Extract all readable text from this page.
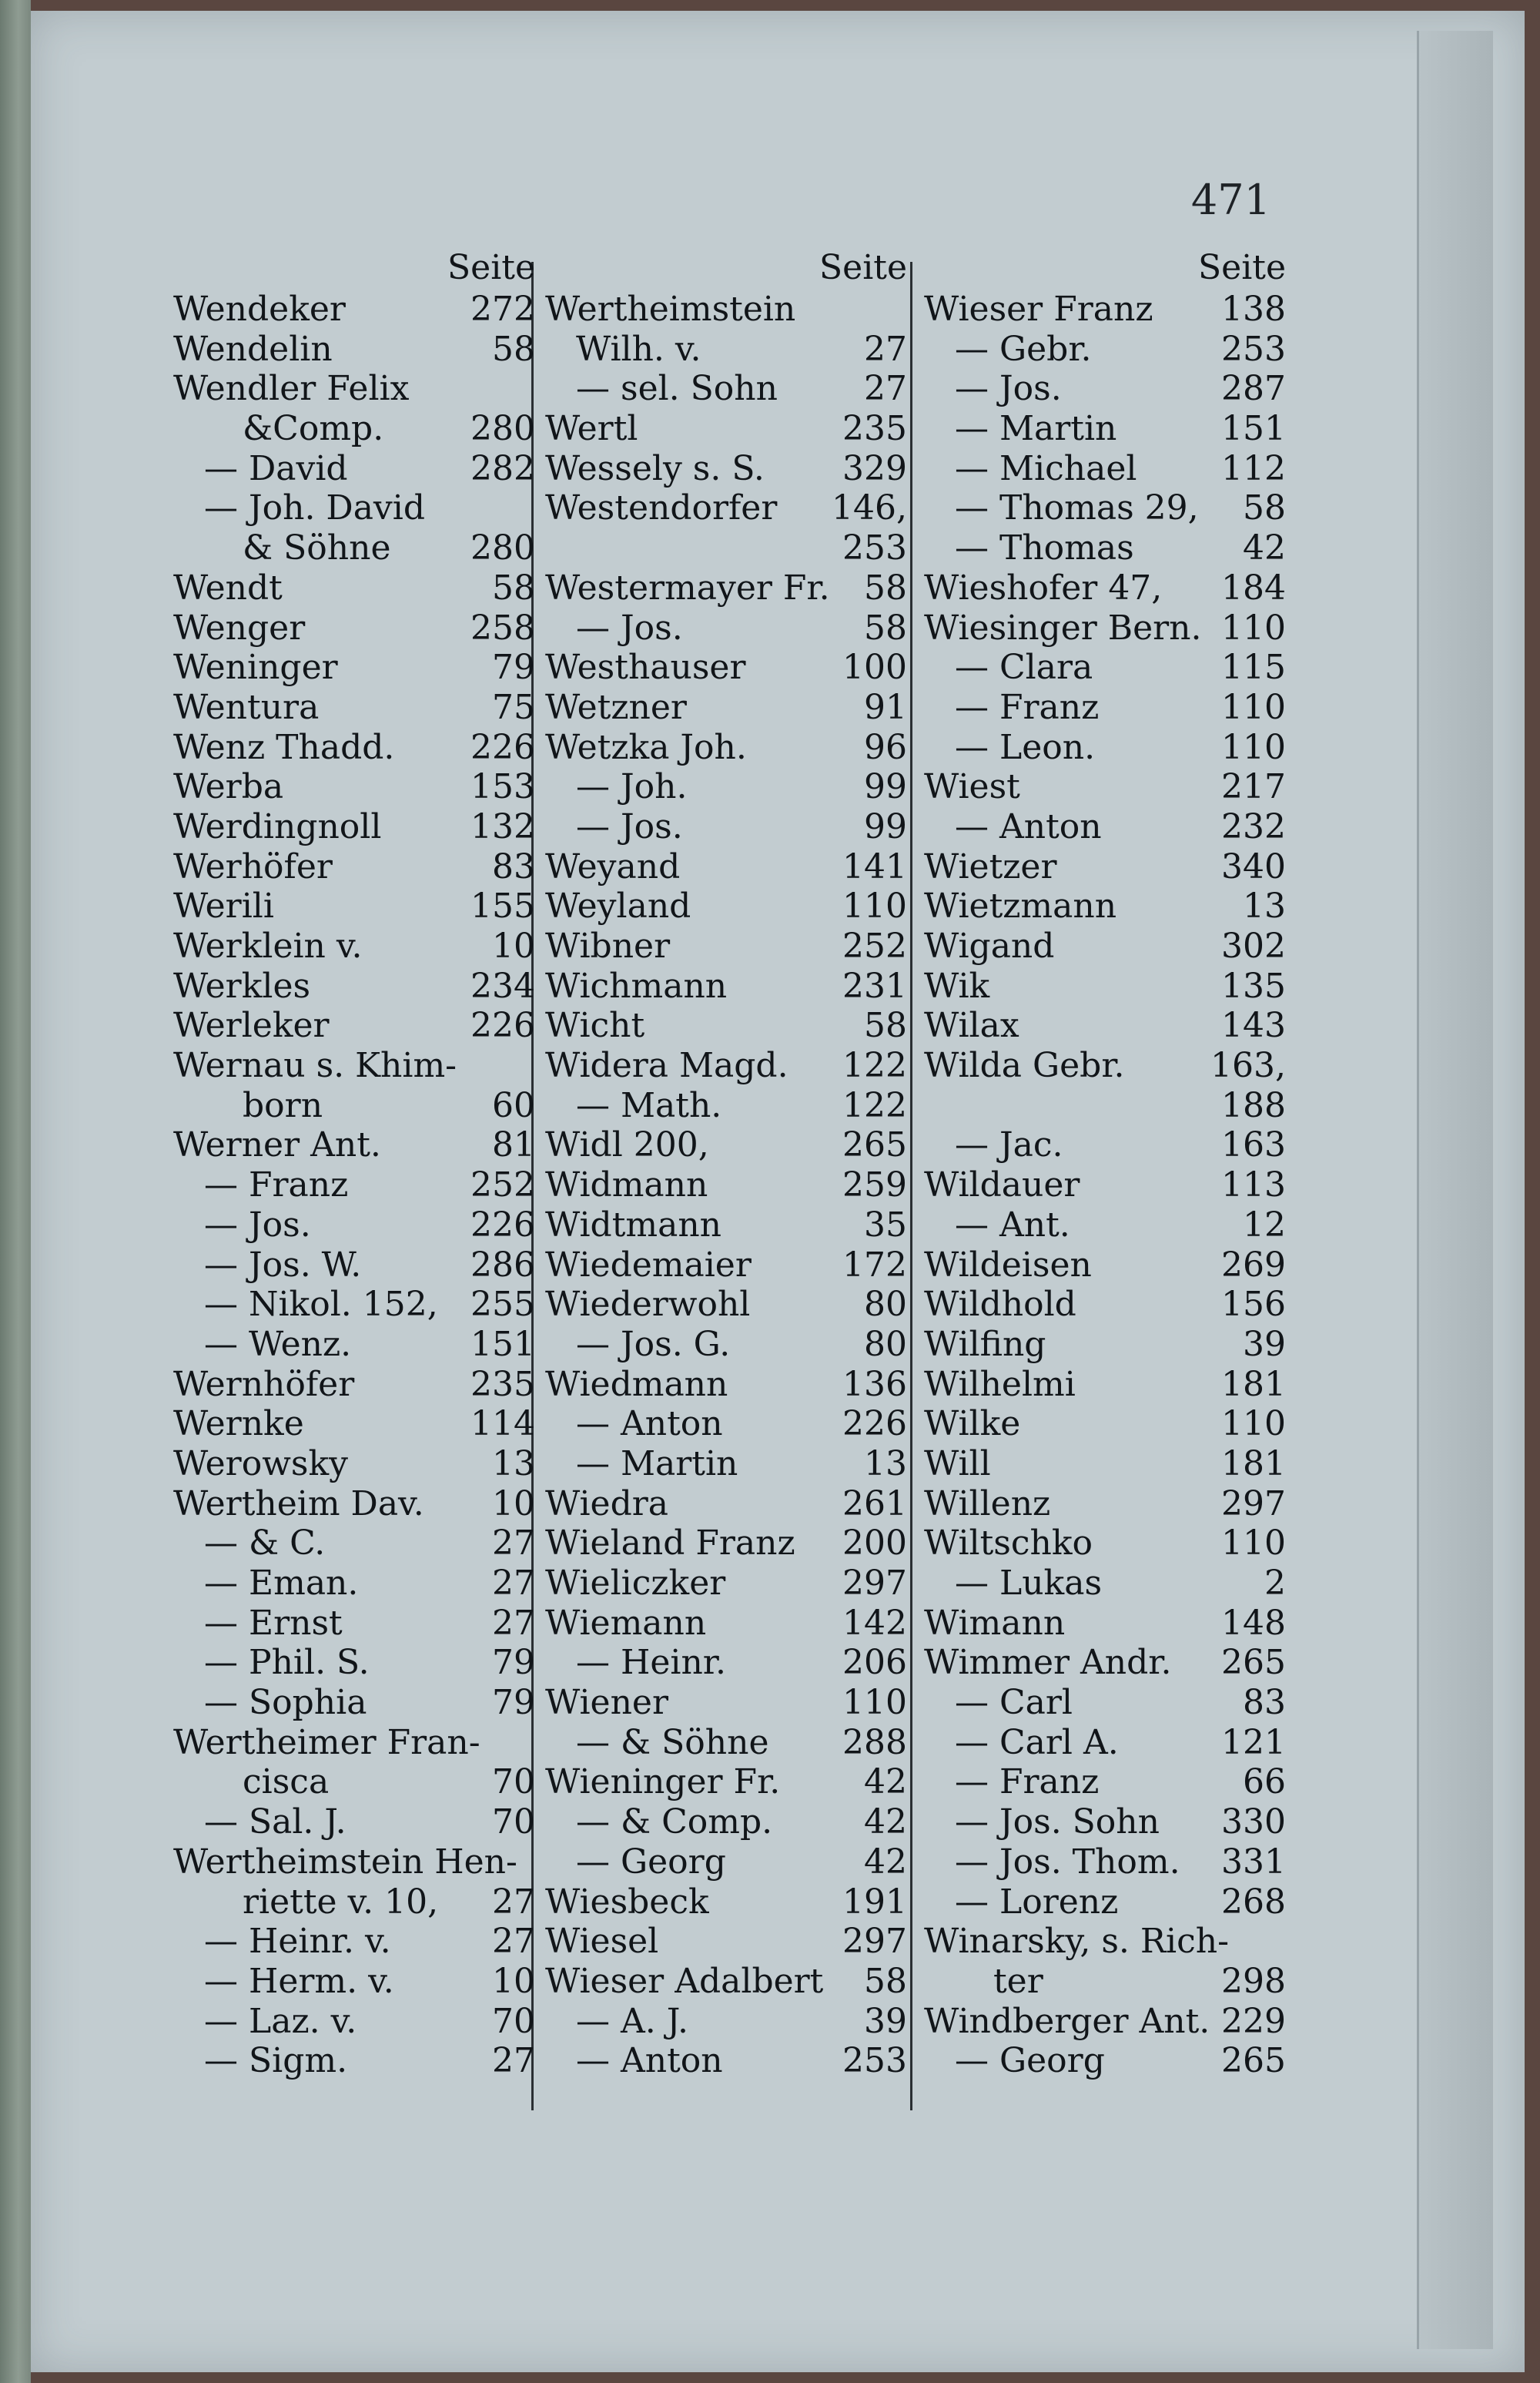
471
Seite
Wendeker	272
Wendelin	58
Wendler Felix
&Comp.	280
— David	282
— Joh. David
& Söhne 280
Wendt	58
Wenger	258
Weninger	79
Wentura	75
Wenz Thadd. 226
Werba	153
Werdingnoll	132
Werhöfer	83
Werili	155
Werklein v.	10
Werkles	234
Werleker	226
Wernau s. Khim-
born	60
Werner Ant.	81
— Franz	252
— Jos.	226
— Jos. W.	286
— Nikol. 152, 255
— Wenz.	151
Wernhöfer	235
Wernke	114
Werowsky	13
Wertheim Dav. 10
— & C.	27
— Eman.	27
— Ernst	27
— Phil. S.	79
— Sophia	79
Wertheimer Fran-
cisca	70
— Sal. J.	70
Wertheimstein Hen-
riette v. 10, 27
— Heinr. v.	27
— Herm. v.	10
— Laz. v.	70
— Sigm.	27
Seite
Wertheimstein
Wilh. v.	27
— sel. Sohn	27
Wertl	235
Wessely s. S. 329
Westendorfer 146,
253
Westermayer Fr. 58
— Jos.	58
Westhauser	100
Wetzner	91
Wetzka Joh.	96
— Joh.	99
— Jos.	99
Weyand	141
Weyland	110
Wibner	252
Wichmann	231
Wicht	58
Widera Magd. 122
— Math.	122
Widl 200,	265
Widmann	259
Widtmann	35
Wiedemaier	172
Wiederwohl	80
— Jos. G.	80
Wiedmann	136
— Anton	226
— Martin	13
Wiedra	261
Wieland Franz 200
Wieliczker	297
Wiemann	142
— Heinr.	206
Wiener	110
— & Söhne 288
Wieninger Fr. 42
— & Comp.	42
— Georg	42
Wiesbeck	191
Wiesel	297
Wieser Adalbert 58
— A. J.	39
— Anton	253
Seite
Wieser Franz 138
— Gebr.	253
— Jos.	287
— Martin	151
— Michael 112
— Thomas 29, 58
— Thomas	42
Wieshofer 47, 184
Wiesinger Bern. 110
— Clara	115
— Franz	110
— Leon.	110
Wiest	217
— Anton	232
Wietzer	340
Wietzmann	13
Wigand	302
Wik	135
Wilax	143
Wilda Gebr.	163,
188
— Jac.	163
Wildauer	113
— Ant.	12
Wildeisen	269
Wildhold	156
Wilfing	39
Wilhelmi	181
Wilke	110
Will	181
Willenz	297
Wiltschko	110
— Lukas	2
Wimann	148
Wimmer Andr. 265
— Carl	83
— Carl A.	121
— Franz	66
— Jos. Sohn 330
— Jos. Thom. 331
— Lorenz	268
Winarsky, s. Rich-
ter	298
Windberger Ant. 229
— Georg	265
